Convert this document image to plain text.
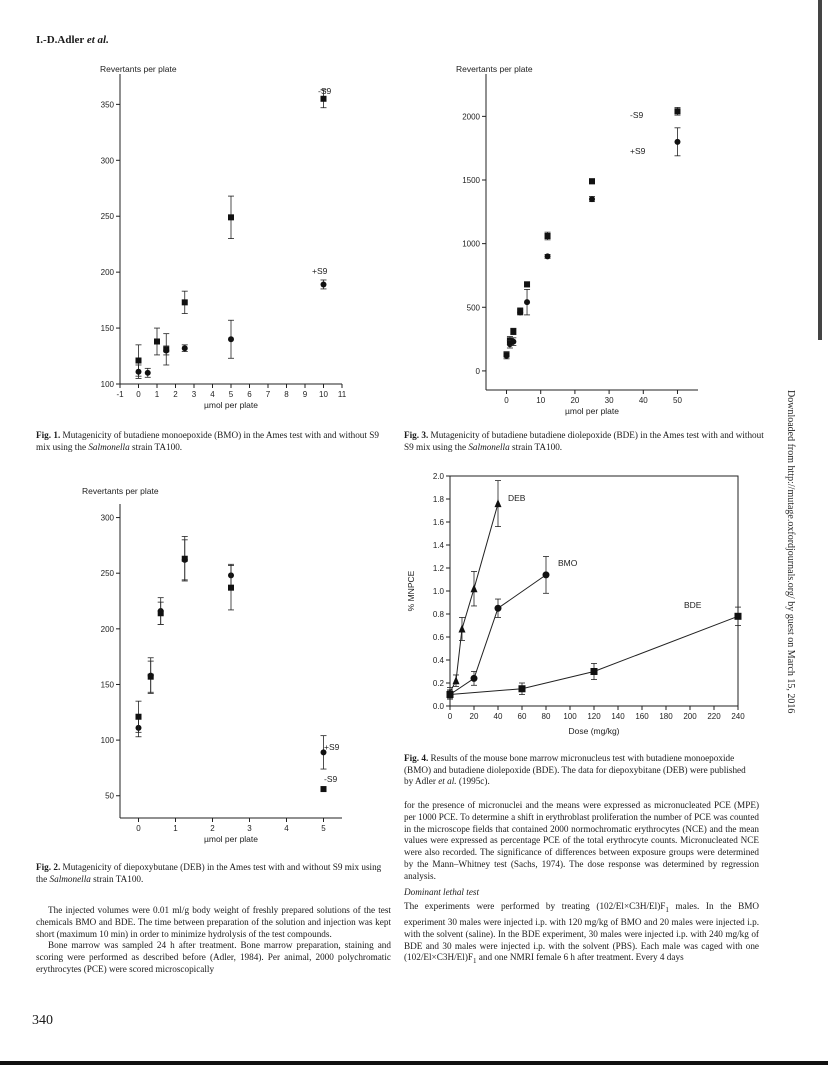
I.-D.Adler et al.
100
150
200
250
300
350
-1 0 1 2 3 4 5 6 7 8 9 10 11
Revertants per plate
µmol per plate
-S9
+S9
0
500
1000
1500
2000
0	10	20	30	40	50
Revertants per plate
µmol per plate
-S9
+S9
50
100
150
200
250
300
0	1	2	3	4	5
Revertants per plate
µmol per plate
+S9
-S9
0.0
0.2
0.4
0.6
0.8
1.0
1.2
1.4
1.6
1.8
2.0
0 20 40 60 80 100 120 140 160 180 200 220 240
% MNPCE
Dose (mg/kg)
DEB
BMO
BDE
Fig. 1. Mutagenicity of butadiene monoepoxide (BMO) in the Ames test with and without S9 mix using the Salmonella strain TA100.
Fig. 3. Mutagenicity of butadiene butadiene diolepoxide (BDE) in the Ames test with and without S9 mix using the Salmonella strain TA100.
Fig. 4. Results of the mouse bone marrow micronucleus test with butadiene monoepoxide (BMO) and butadiene diolepoxide (BDE). The data for diepoxybitane (DEB) were published by Adler et al. (1995c).
Fig. 2. Mutagenicity of diepoxybutane (DEB) in the Ames test with and without S9 mix using the Salmonella strain TA100.

The injected volumes were 0.01 ml/g body weight of freshly prepared solutions of the test chemicals BMO and BDE. The time between preparation of the solution and injection was kept short (maximum 10 min) in order to minimize hydrolysis of the test compounds.

Bone marrow was sampled 24 h after treatment. Bone marrow preparation, staining and scoring were performed as described before (Adler, 1984). Per animal, 2000 polychromatic erythrocytes (PCE) were scored microscopically

for the presence of micronuclei and the means were expressed as micronucleated PCE (MPE) per 1000 PCE. To determine a shift in erythroblast proliferation the number of PCE was counted in the microscope fields that contained 2000 normochromatic erythrocytes (NCE) and the mean values were expressed as percentage PCE of the total erythrocyte counts. Micronucleated NCE were also recorded. The significance of differences between exposure groups were determined by the Mann–Whitney test (Sachs, 1974). The dose response was determined by regression analysis.

Dominant lethal test

The experiments were performed by treating $(102/El\times C3H/El)F_1$ males. In the BMO experiment 30 males were injected i.p. with 120 mg/kg of BMO and 20 males were injected i.p. with the solvent (saline). In the BDE experiment, 30 males were injected i.p. with 240 mg/kg of BDE and 30 males were injected i.p. with the solvent (PBS). Each male was caged with one $(102/El\times C3H/El)F_1$ and one NMRI female 6 h after treatment. Every 4 days

340
Downloaded from http://mutage.oxfordjournals.org/ by guest on March 15, 2016
